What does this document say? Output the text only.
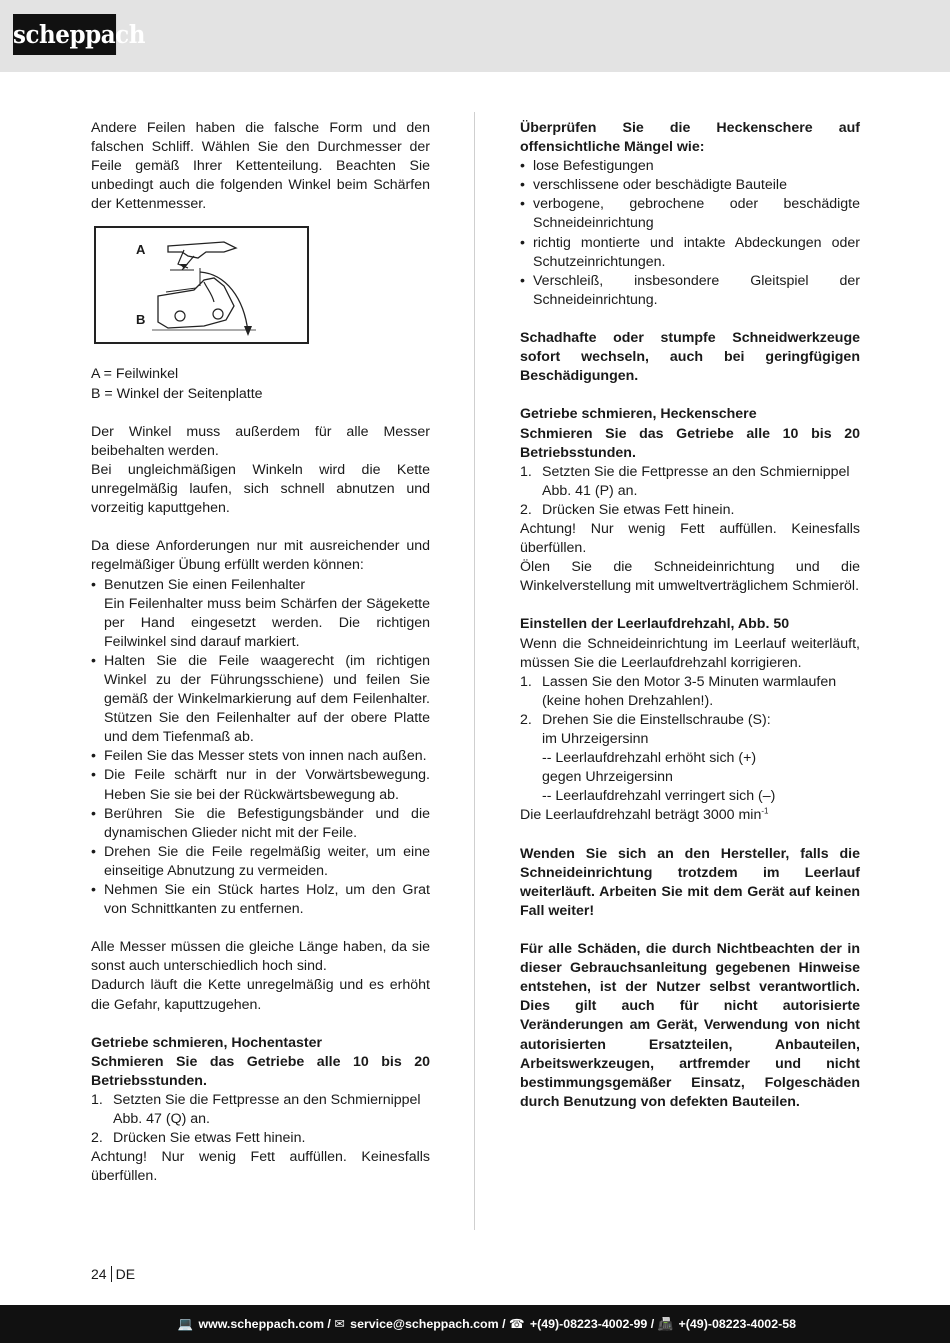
scheppach

Andere Feilen haben die falsche Form und den falschen Schliff. Wählen Sie den Durchmesser der Feile gemäß Ihrer Kettenteilung. Beachten Sie unbedingt auch die folgenden Winkel beim Schärfen der Kettenmesser.

A
B

A = Feilwinkel

B = Winkel der Seitenplatte

Der Winkel muss außerdem für alle Messer beibehalten werden.

Bei ungleichmäßigen Winkeln wird die Kette unregelmäßig laufen, sich schnell abnutzen und vorzeitig kaputtgehen.

Da diese Anforderungen nur mit ausreichender und regelmäßiger Übung erfüllt werden können:

• Benutzen Sie einen Feilenhalter
Ein Feilenhalter muss beim Schärfen der Sägekette per Hand eingesetzt werden. Die richtigen Feilwinkel sind darauf markiert.
• Halten Sie die Feile waagerecht (im richtigen Winkel zu der Führungsschiene) und feilen Sie gemäß der Winkelmarkierung auf dem Feilenhalter. Stützen Sie den Feilenhalter auf der obere Platte und dem Tiefenmaß ab.
• Feilen Sie das Messer stets von innen nach außen.
• Die Feile schärft nur in der Vorwärtsbewegung. Heben Sie sie bei der Rückwärtsbewegung ab.
• Berühren Sie die Befestigungsbänder und die dynamischen Glieder nicht mit der Feile.
• Drehen Sie die Feile regelmäßig weiter, um eine einseitige Abnutzung zu vermeiden.
• Nehmen Sie ein Stück hartes Holz, um den Grat von Schnittkanten zu entfernen.

Alle Messer müssen die gleiche Länge haben, da sie sonst auch unterschiedlich hoch sind.

Dadurch läuft die Kette unregelmäßig und es erhöht die Gefahr, kaputtzugehen.

Getriebe schmieren, Hochentaster

Schmieren Sie das Getriebe alle 10 bis 20 Betriebsstunden.

1. Setzten Sie die Fettpresse an den Schmiernippel
Abb. 47 (Q) an.
2. Drücken Sie etwas Fett hinein.

Achtung! Nur wenig Fett auffüllen. Keinesfalls überfüllen.

Überprüfen Sie die Heckenschere auf offensichtliche Mängel wie:

• lose Befestigungen
• verschlissene oder beschädigte Bauteile
• verbogene, gebrochene oder beschädigte Schneideinrichtung
• richtig montierte und intakte Abdeckungen oder Schutzeinrichtungen.
• Verschleiß, insbesondere Gleitspiel der Schneideinrichtung.

Schadhafte oder stumpfe Schneidwerkzeuge sofort wechseln, auch bei geringfügigen Beschädigungen.

Getriebe schmieren, Heckenschere

Schmieren Sie das Getriebe alle 10 bis 20 Betriebsstunden.

1. Setzten Sie die Fettpresse an den Schmiernippel
Abb. 41 (P) an.
2. Drücken Sie etwas Fett hinein.

Achtung! Nur wenig Fett auffüllen. Keinesfalls überfüllen.

Ölen Sie die Schneideinrichtung und die Winkelverstellung mit umweltverträglichem Schmieröl.

Einstellen der Leerlaufdrehzahl, Abb. 50

Wenn die Schneideinrichtung im Leerlauf weiterläuft, müssen Sie die Leerlaufdrehzahl korrigieren.

1. Lassen Sie den Motor 3-5 Minuten warmlaufen
(keine hohen Drehzahlen!).
2. Drehen Sie die Einstellschraube (S):
im Uhrzeigersinn
-- Leerlaufdrehzahl erhöht sich (+)
gegen Uhrzeigersinn
-- Leerlaufdrehzahl verringert sich (–)

Die Leerlaufdrehzahl beträgt 3000 $\min^{-1}$

Wenden Sie sich an den Hersteller, falls die Schneideinrichtung trotzdem im Leerlauf weiterläuft. Arbeiten Sie mit dem Gerät auf keinen Fall weiter!

Für alle Schäden, die durch Nichtbeachten der in dieser Gebrauchsanleitung gegebenen Hinweise entstehen, ist der Nutzer selbst verantwortlich. Dies gilt auch für nicht autorisierte Veränderungen am Gerät, Verwendung von nicht autorisierten Ersatzteilen, Anbauteilen, Arbeitswerkzeugen, artfremder und nicht bestimmungsgemäßer Einsatz, Folgeschäden durch Benutzung von defekten Bauteilen.

24 DE
💻 www.scheppach.com / ✉ service@scheppach.com / ☎ +(49)-08223-4002-99 / 📠 +(49)-08223-4002-58
